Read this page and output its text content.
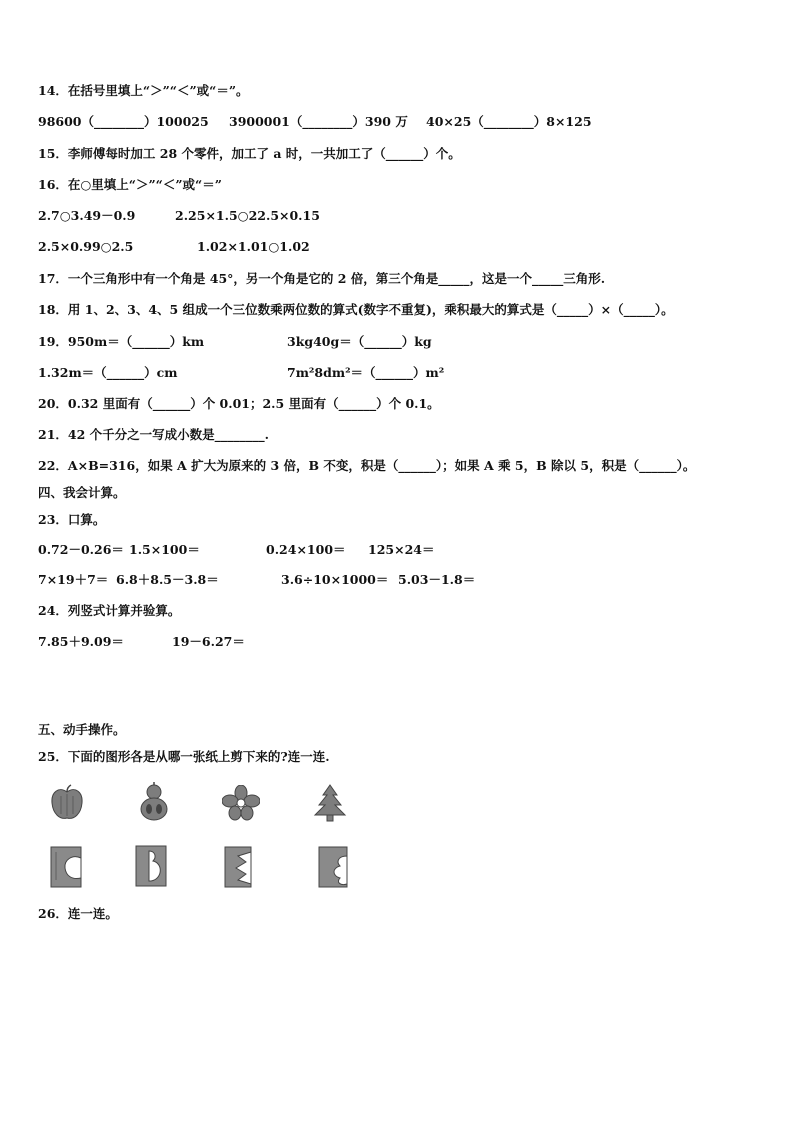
14．在括号里填上“＞”“＜”或“＝”。
98600（________）100025 3900001（________）390 万 40×25（________）8×125
15．李师傅每时加工 28 个零件，加工了 a 时，一共加工了（______）个。
16．在○里填上“＞”“＜”或“＝”
2.7○3.49－0.9	2.25×1.5○22.5×0.15
2.5×0.99○2.5	1.02×1.01○1.02
17．一个三角形中有一个角是 45°，另一个角是它的 2 倍，第三个角是_____，这是一个_____三角形.
18．用 1、2、3、4、5 组成一个三位数乘两位数的算式(数字不重复)，乘积最大的算式是（_____）×（_____）。
19．950m＝（______）km	3kg40g＝（______）kg
1.32m＝（______）cm	7m²8dm²＝（______）m²
20．0.32 里面有（______）个 0.01；2.5 里面有（______）个 0.1。
21．42 个千分之一写成小数是________.
22．A×B=316，如果 A 扩大为原来的 3 倍，B 不变，积是（______）；如果 A 乘 5，B 除以 5，积是（______）。
四、我会计算。
23．口算。
0.72－0.26＝ 1.5×100＝	0.24×100＝ 125×24＝
7×19＋7＝ 6.8＋8.5－3.8＝	3.6÷10×1000＝ 5.03－1.8＝
24．列竖式计算并验算。
7.85＋9.09＝	19－6.27＝
五、动手操作。
25．下面的图形各是从哪一张纸上剪下来的?连一连.
26．连一连。
